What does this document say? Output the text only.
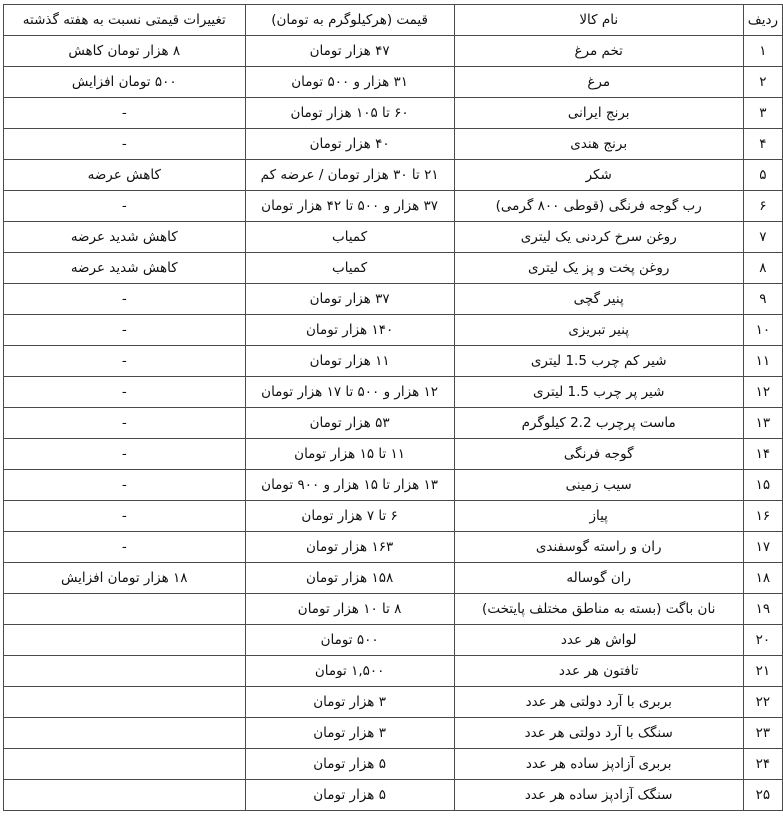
ردیف	نام کالا	قیمت (هرکیلوگرم به تومان)	تغییرات قیمتی نسبت به هفته گذشته
۱	تخم مرغ	۴۷ هزار تومان	۸ هزار تومان کاهش
۲	مرغ	۳۱ هزار و ۵۰۰ تومان	۵۰۰ تومان افزایش
۳	برنج ایرانی	۶۰ تا ۱۰۵ هزار تومان	-
۴	برنج هندی	۴۰ هزار تومان	-
۵	شکر	۲۱ تا ۳۰ هزار تومان / عرضه کم	کاهش عرضه
۶	رب گوجه فرنگی (قوطی ۸۰۰ گرمی)	۳۷ هزار و ۵۰۰ تا ۴۲ هزار تومان	-
۷	روغن سرخ کردنی یک لیتری	کمیاب	کاهش شدید عرضه
۸	روغن پخت و پز یک لیتری	کمیاب	کاهش شدید عرضه
۹	پنیر گچی	۳۷ هزار تومان	-
۱۰	پنیر تبریزی	۱۴۰ هزار تومان	-
۱۱	شیر کم چرب 1.5 لیتری	۱۱ هزار تومان	-
۱۲	شیر پر چرب 1.5 لیتری	۱۲ هزار و ۵۰۰ تا ۱۷ هزار تومان	-
۱۳	ماست پرچرب 2.2 کیلوگرم	۵۳ هزار تومان	-
۱۴	گوجه فرنگی	۱۱ تا ۱۵ هزار تومان	-
۱۵	سیب زمینی	۱۳ هزار تا ۱۵ هزار و ۹۰۰ تومان	-
۱۶	پیاز	۶ تا ۷ هزار تومان	-
۱۷	ران و راسته گوسفندی	۱۶۳ هزار تومان	-
۱۸	ران گوساله	۱۵۸ هزار تومان	۱۸ هزار تومان افزایش
۱۹	نان باگت (بسته به مناطق مختلف پایتخت)	۸ تا ۱۰ هزار تومان	
۲۰	لواش هر عدد	۵۰۰ تومان	
۲۱	تافتون هر عدد	۱,۵۰۰ تومان	
۲۲	بربری با آرد دولتی هر عدد	۳ هزار تومان	
۲۳	سنگک با آرد دولتی هر عدد	۳ هزار تومان	
۲۴	بربری آزادپز ساده هر عدد	۵ هزار تومان	
۲۵	سنگک آزادپز ساده هر عدد	۵ هزار تومان	
